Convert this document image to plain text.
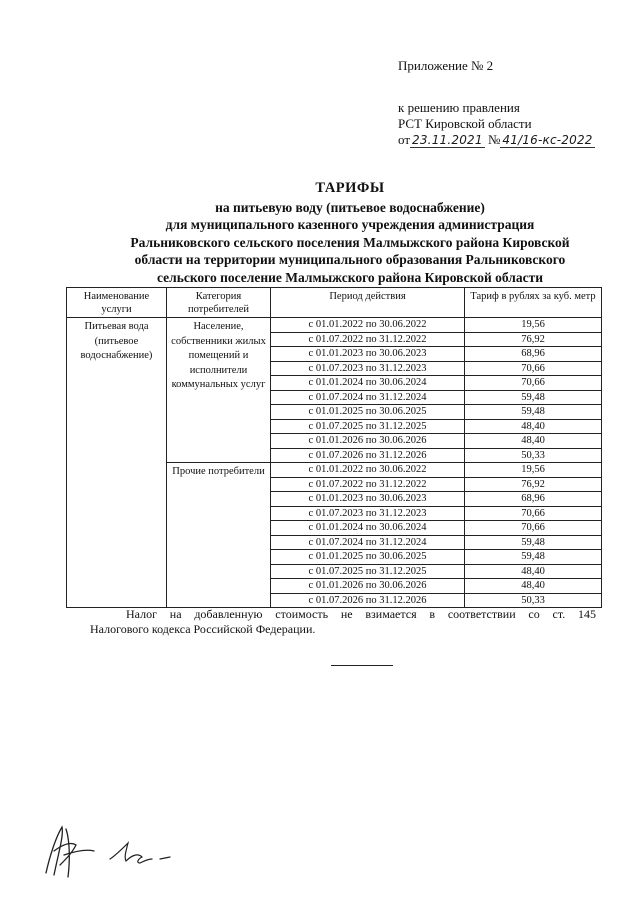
Приложение № 2
к решению правления
РСТ Кировской области
от 23.11.2021 № 41/16-кс-2022
ТАРИФЫ
на питьевую воду (питьевое водоснабжение)
для муниципального казенного учреждения администрация
Ральниковского сельского поселения Малмыжского района Кировской
области на территории муниципального образования Ральниковского
сельского поселение Малмыжского района Кировской области
Наименование услуги	Категория потребителей	Период действия	Тариф в рублях за куб. метр
Питьевая вода (питьевое водоснабжение)	Население, собственники жилых помещений и исполнители коммунальных услуг	с 01.01.2022 по 30.06.2022	19,56
		с 01.07.2022 по 31.12.2022	76,92
		с 01.01.2023 по 30.06.2023	68,96
		с 01.07.2023 по 31.12.2023	70,66
		с 01.01.2024 по 30.06.2024	70,66
		с 01.07.2024 по 31.12.2024	59,48
		с 01.01.2025 по 30.06.2025	59,48
		с 01.07.2025 по 31.12.2025	48,40
		с 01.01.2026 по 30.06.2026	48,40
		с 01.07.2026 по 31.12.2026	50,33
	Прочие потребители	с 01.01.2022 по 30.06.2022	19,56
		с 01.07.2022 по 31.12.2022	76,92
		с 01.01.2023 по 30.06.2023	68,96
		с 01.07.2023 по 31.12.2023	70,66
		с 01.01.2024 по 30.06.2024	70,66
		с 01.07.2024 по 31.12.2024	59,48
		с 01.01.2025 по 30.06.2025	59,48
		с 01.07.2025 по 31.12.2025	48,40
		с 01.01.2026 по 30.06.2026	48,40
		с 01.07.2026 по 31.12.2026	50,33
Налог на добавленную стоимость не взимается в соответствии со ст. 145
Налогового кодекса Российской Федерации.
